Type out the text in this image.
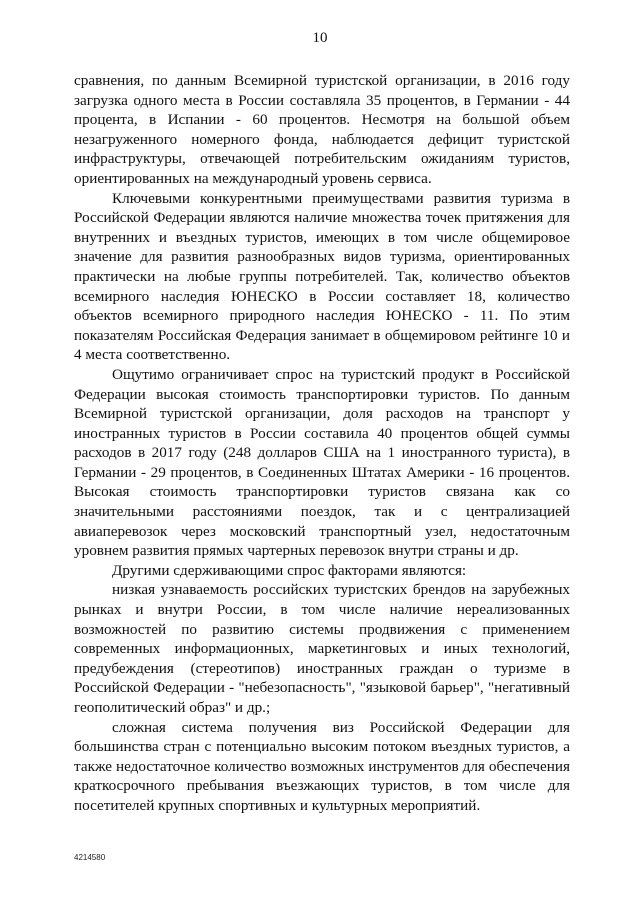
10

сравнения, по данным Всемирной туристской организации, в 2016 году загрузка одного места в России составляла 35 процентов, в Германии - 44 процента, в Испании - 60 процентов. Несмотря на большой объем незагруженного номерного фонда, наблюдается дефицит туристской инфраструктуры, отвечающей потребительским ожиданиям туристов, ориентированных на международный уровень сервиса.

Ключевыми конкурентными преимуществами развития туризма в Российской Федерации являются наличие множества точек притяжения для внутренних и въездных туристов, имеющих в том числе общемировое значение для развития разнообразных видов туризма, ориентированных практически на любые группы потребителей. Так, количество объектов всемирного наследия ЮНЕСКО в России составляет 18, количество объектов всемирного природного наследия ЮНЕСКО - 11. По этим показателям Российская Федерация занимает в общемировом рейтинге 10 и 4 места соответственно.

Ощутимо ограничивает спрос на туристский продукт в Российской Федерации высокая стоимость транспортировки туристов. По данным Всемирной туристской организации, доля расходов на транспорт у иностранных туристов в России составила 40 процентов общей суммы расходов в 2017 году (248 долларов США на 1 иностранного туриста), в Германии - 29 процентов, в Соединенных Штатах Америки - 16 процентов. Высокая стоимость транспортировки туристов связана как со значительными расстояниями поездок, так и с централизацией авиаперевозок через московский транспортный узел, недостаточным уровнем развития прямых чартерных перевозок внутри страны и др.

Другими сдерживающими спрос факторами являются:

низкая узнаваемость российских туристских брендов на зарубежных рынках и внутри России, в том числе наличие нереализованных возможностей по развитию системы продвижения с применением современных информационных, маркетинговых и иных технологий, предубеждения (стереотипов) иностранных граждан о туризме в Российской Федерации - "небезопасность", "языковой барьер", "негативный геополитический образ" и др.;

сложная система получения виз Российской Федерации для большинства стран с потенциально высоким потоком въездных туристов, а также недостаточное количество возможных инструментов для обеспечения краткосрочного пребывания въезжающих туристов, в том числе для посетителей крупных спортивных и культурных мероприятий.

4214580
